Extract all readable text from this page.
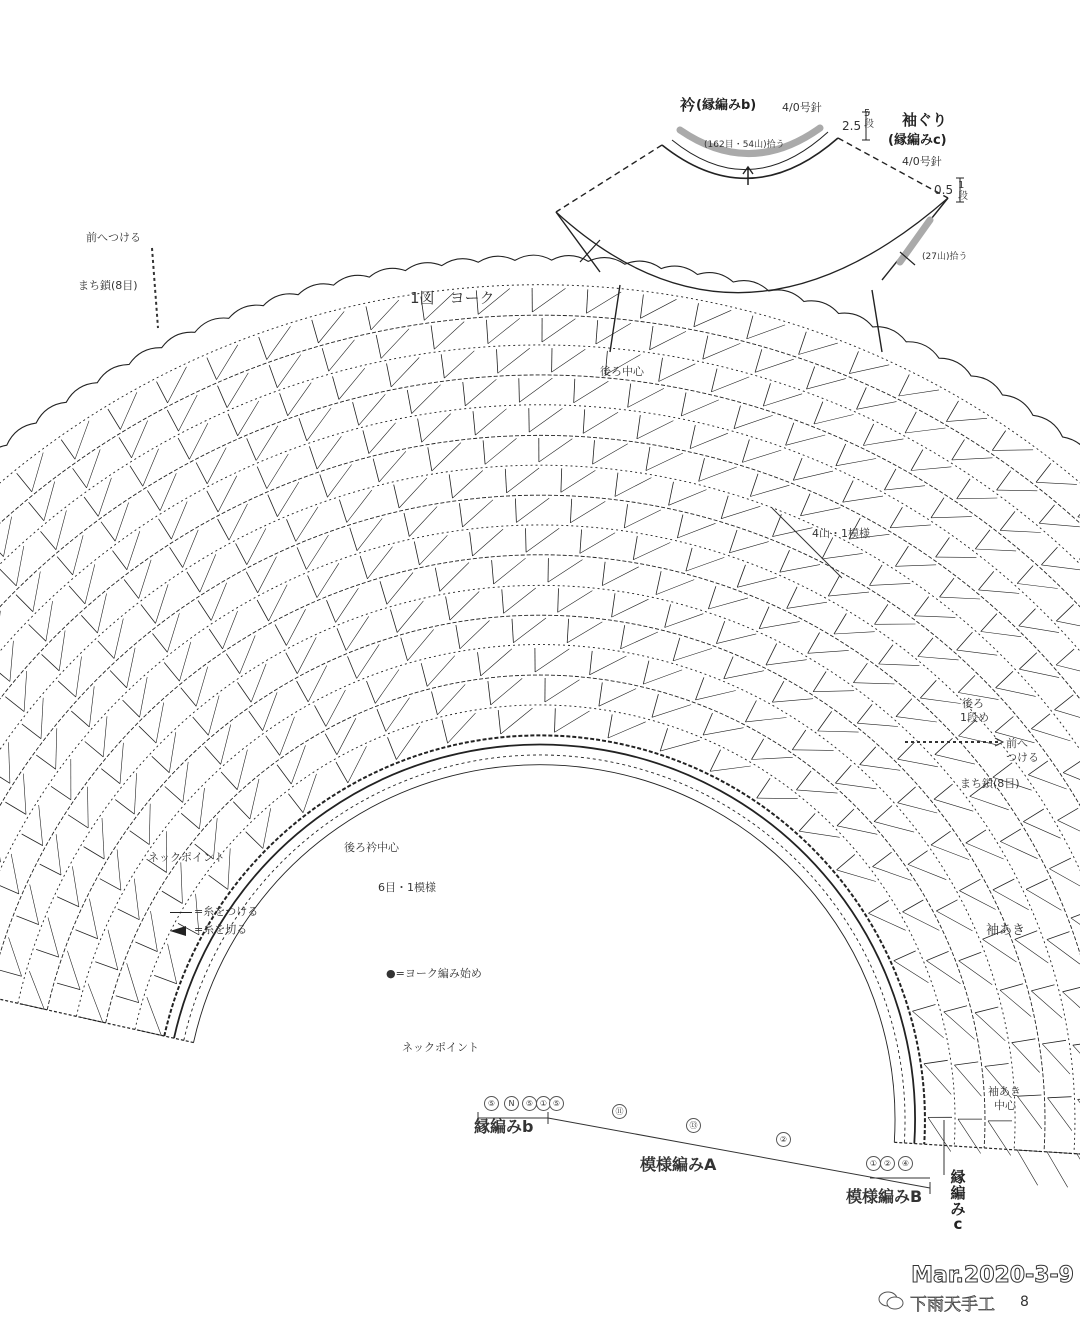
衿 (縁編みb) 4/0号針
(162目・54山)拾う
2.5
5段 袖ぐり
(縁編みc)
4/0号針
0.5 1段
(27山)拾う
1図　ヨーク
前へつける
まち鎖(8目)
後ろ中心
4山・1模様
後ろ
1段め
前へ
つける
まち鎖(8目)
ネックポイント
後ろ衿中心
6目・1模様
袖あき
●=ヨーク編み始め
ネックポイント
袖あき
中心
=糸をつける
=糸を切る
⑤	N	⑤ ① ⑤
⑪
⑬
②
① ②	④
縁編みb
模様編みA
模様編みB
縁編みc
Mar.2020-3-9
下雨天手工 8
